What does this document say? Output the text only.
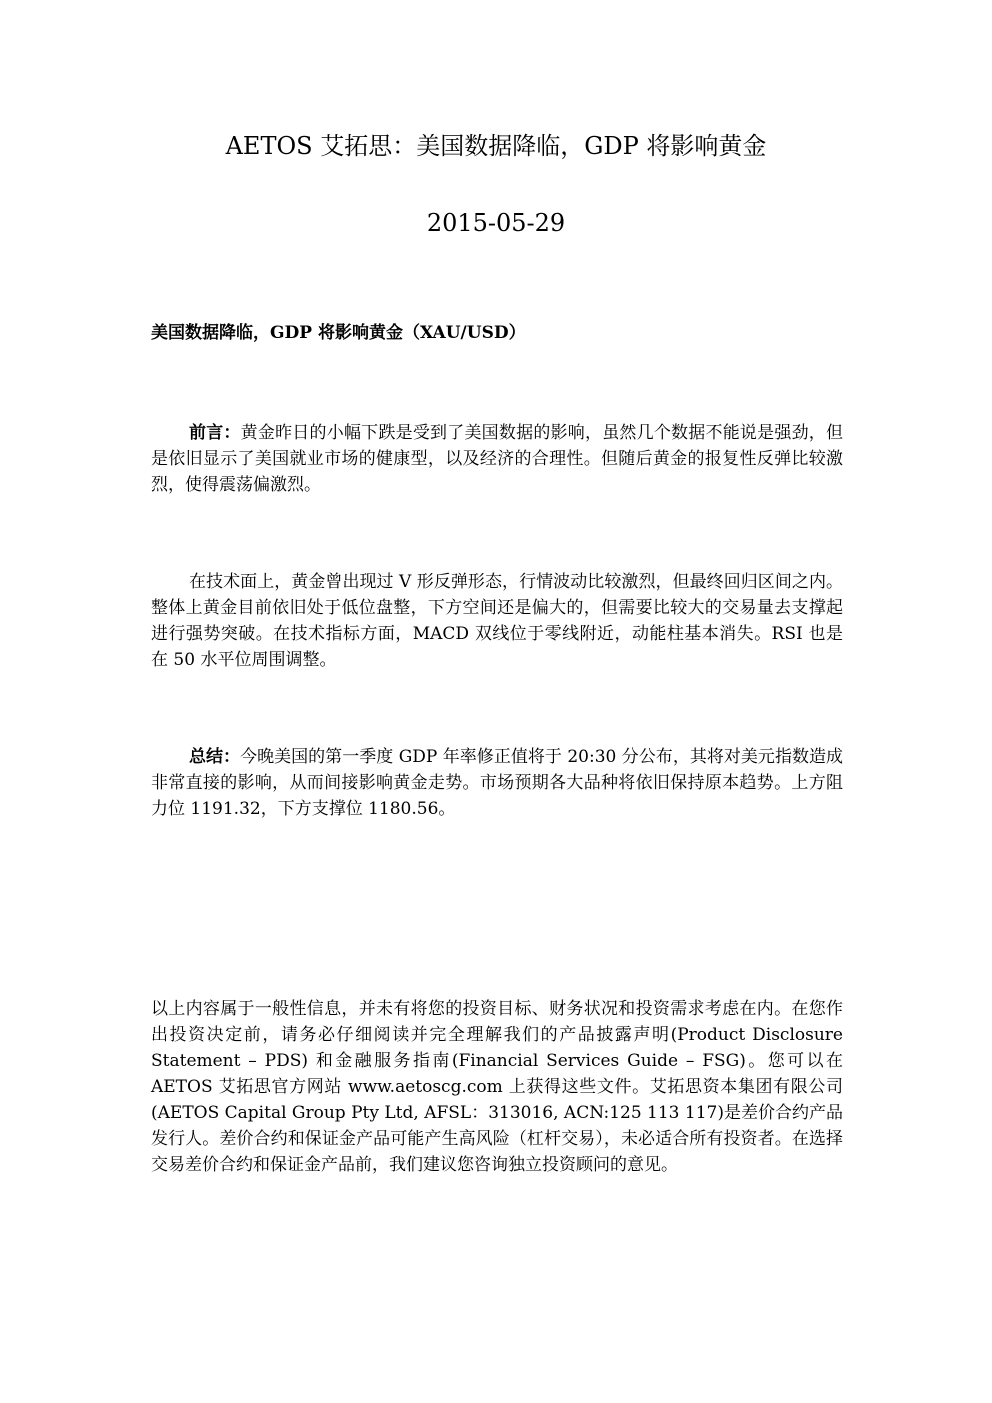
AETOS 艾拓思：美国数据降临，GDP 将影响黄金
2015-05-29
美国数据降临，GDP 将影响黄金（XAU/USD）

前言：黄金昨日的小幅下跌是受到了美国数据的影响，虽然几个数据不能说是强劲，但是依旧显示了美国就业市场的健康型，以及经济的合理性。但随后黄金的报复性反弹比较激烈，使得震荡偏激烈。

在技术面上，黄金曾出现过 V 形反弹形态，行情波动比较激烈，但最终回归区间之内。整体上黄金目前依旧处于低位盘整，下方空间还是偏大的，但需要比较大的交易量去支撑起进行强势突破。在技术指标方面，MACD 双线位于零线附近，动能柱基本消失。RSI 也是在 50 水平位周围调整。

总结：今晚美国的第一季度 GDP 年率修正值将于 20:30 分公布，其将对美元指数造成非常直接的影响，从而间接影响黄金走势。市场预期各大品种将依旧保持原本趋势。上方阻力位 1191.32，下方支撑位 1180.56。

以上内容属于一般性信息，并未有将您的投资目标、财务状况和投资需求考虑在内。在您作出投资决定前，请务必仔细阅读并完全理解我们的产品披露声明(Product Disclosure Statement – PDS) 和金融服务指南(Financial Services Guide – FSG)。您可以在 AETOS 艾拓思官方网站 www.aetoscg.com 上获得这些文件。艾拓思资本集团有限公司(AETOS Capital Group Pty Ltd, AFSL：313016, ACN:125 113 117)是差价合约产品发行人。差价合约和保证金产品可能产生高风险（杠杆交易），未必适合所有投资者。在选择交易差价合约和保证金产品前，我们建议您咨询独立投资顾问的意见。
